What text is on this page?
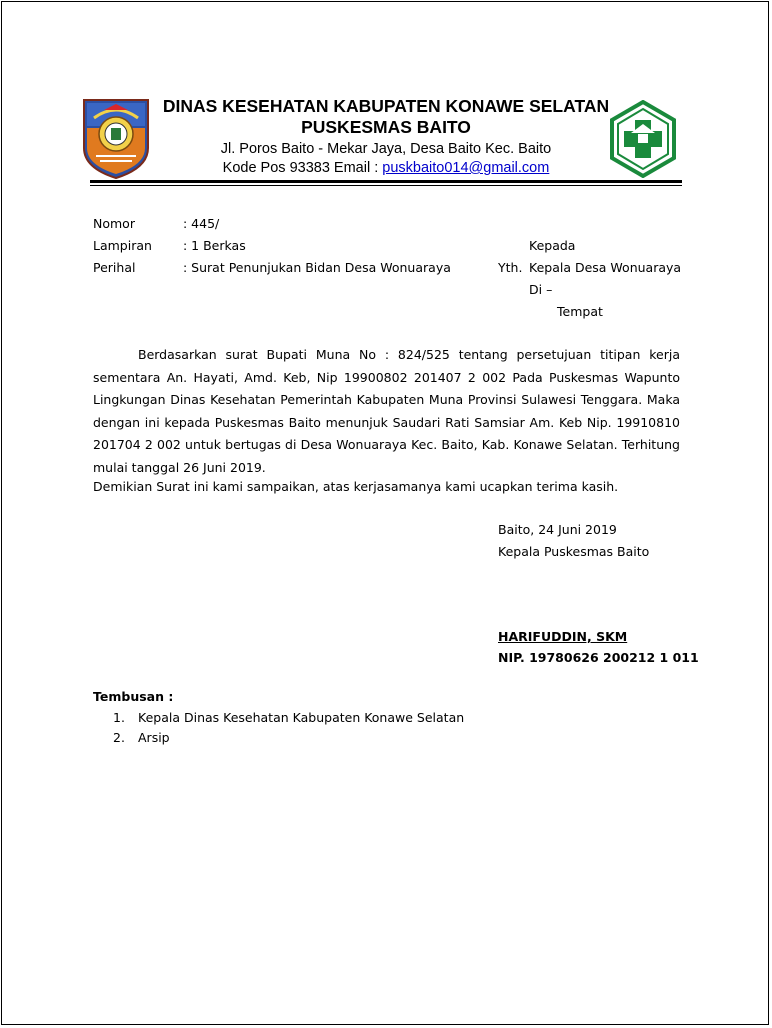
DINAS KESEHATAN KABUPATEN KONAWE SELATAN
PUSKESMAS BAITO
Jl. Poros Baito - Mekar Jaya, Desa Baito Kec. Baito
Kode Pos 93383 Email : puskbaito014@gmail.com
Nomor	: 445/
Lampiran : 1 Berkas
Perihal	: Surat Penunjukan Bidan Desa Wonuaraya
Kepada
Yth. Kepala Desa Wonuaraya
Di –
Tempat
Berdasarkan surat Bupati Muna No : 824/525 tentang persetujuan titipan kerja sementara An. Hayati, Amd. Keb, Nip 19900802 201407 2 002 Pada Puskesmas Wapunto Lingkungan Dinas Kesehatan Pemerintah Kabupaten Muna Provinsi Sulawesi Tenggara. Maka dengan ini kepada Puskesmas Baito menunjuk Saudari Rati Samsiar Am. Keb Nip. 19910810 201704 2 002 untuk bertugas di Desa Wonuaraya Kec. Baito, Kab. Konawe Selatan. Terhitung mulai tanggal 26 Juni 2019.
Demikian Surat ini kami sampaikan, atas kerjasamanya kami ucapkan terima kasih.
Baito, 24 Juni 2019
Kepala Puskesmas Baito
HARIFUDDIN, SKM
NIP. 19780626 200212 1 011
Tembusan :
1. Kepala Dinas Kesehatan Kabupaten Konawe Selatan
2. Arsip
